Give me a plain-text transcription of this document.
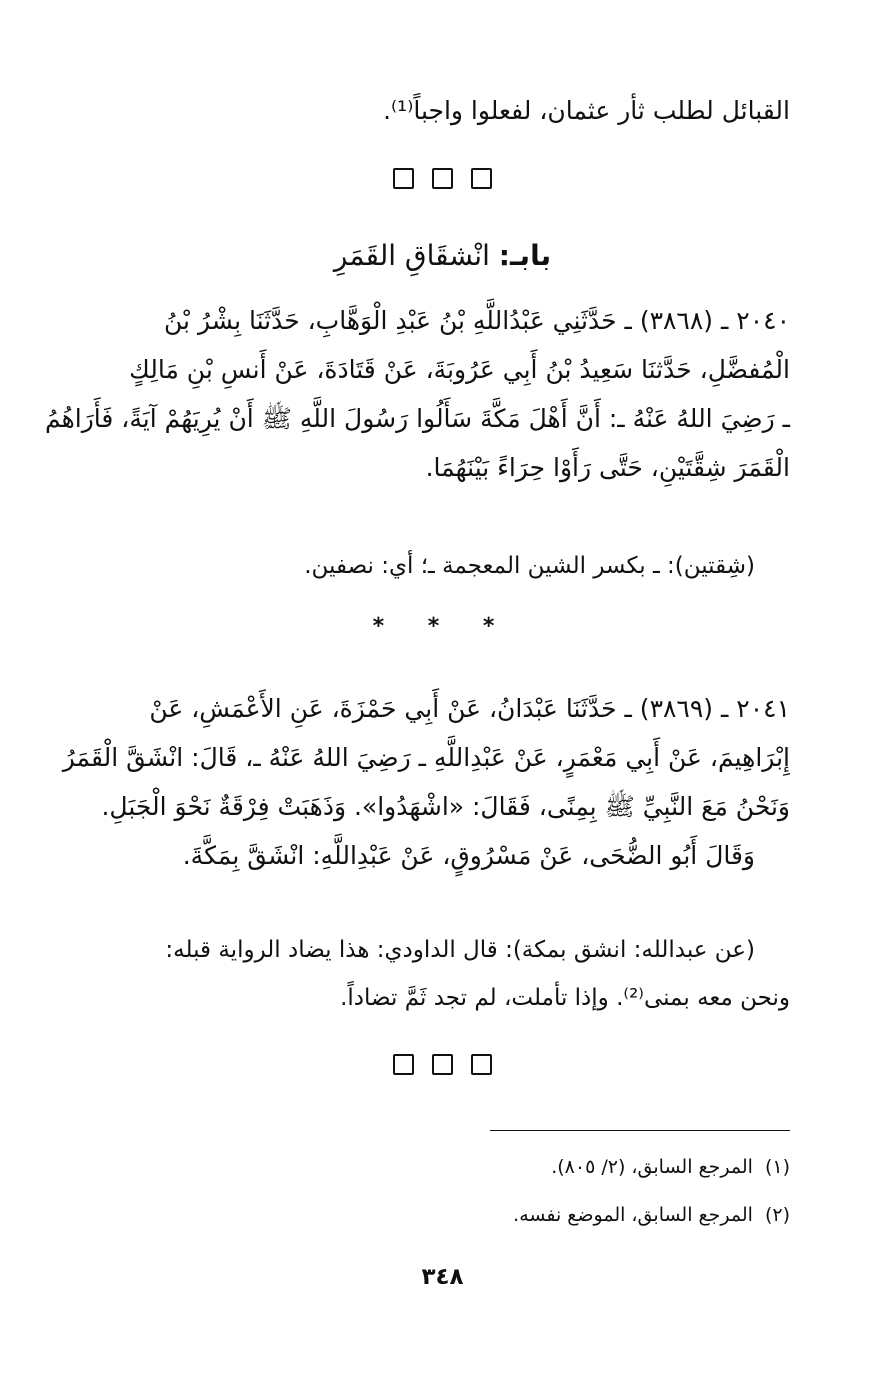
القبائل لطلب ثأر عثمان، لفعلوا واجباً⁽¹⁾.
بابـ: انْشقَاقِ القَمَرِ
٢٠٤٠ ـ (٣٨٦٨) ـ حَدَّثَنِي عَبْدُاللَّهِ بْنُ عَبْدِ الْوَهَّابِ، حَدَّثَنَا بِشْرُ بْنُ
الْمُفضَّلِ، حَدَّثنَا سَعِيدُ بْنُ أَبِي عَرُوبَةَ، عَنْ قَتَادَةَ، عَنْ أَنسِ بْنِ مَالِكٍ
ـ رَضِيَ اللهُ عَنْهُ ـ: أَنَّ أَهْلَ مَكَّةَ سَأَلُوا رَسُولَ اللَّهِ ﷺ أَنْ يُرِيَهُمْ آيَةً، فَأَرَاهُمُ
الْقَمَرَ شِقَّتَيْنِ، حَتَّى رَأَوْا حِرَاءً بَيْنَهُمَا.
(شِقتين): ـ بكسر الشين المعجمة ـ؛ أي: نصفين.
* * *
٢٠٤١ ـ (٣٨٦٩) ـ حَدَّثَنَا عَبْدَانُ، عَنْ أَبِي حَمْزَةَ، عَنِ الأَعْمَشِ، عَنْ
إِبْرَاهِيمَ، عَنْ أَبِي مَعْمَرٍ، عَنْ عَبْدِاللَّهِ ـ رَضِيَ اللهُ عَنْهُ ـ، قَالَ: انْشَقَّ الْقَمَرُ
وَنَحْنُ مَعَ النَّبِيِّ ﷺ بِمِنًى، فَقَالَ: «اشْهَدُوا». وَذَهَبَتْ فِرْقَةٌ نَحْوَ الْجَبَلِ.
وَقَالَ أَبُو الضُّحَى، عَنْ مَسْرُوقٍ، عَنْ عَبْدِاللَّهِ: انْشَقَّ بِمَكَّةَ.
(عن عبدالله: انشق بمكة): قال الداودي: هذا يضاد الرواية قبله:
ونحن معه بمنى⁽²⁾. وإذا تأملت، لم تجد ثَمَّ تضاداً.
(١)المرجع السابق، (٢/ ٨٠٥).
(٢)المرجع السابق، الموضع نفسه.
٣٤٨
